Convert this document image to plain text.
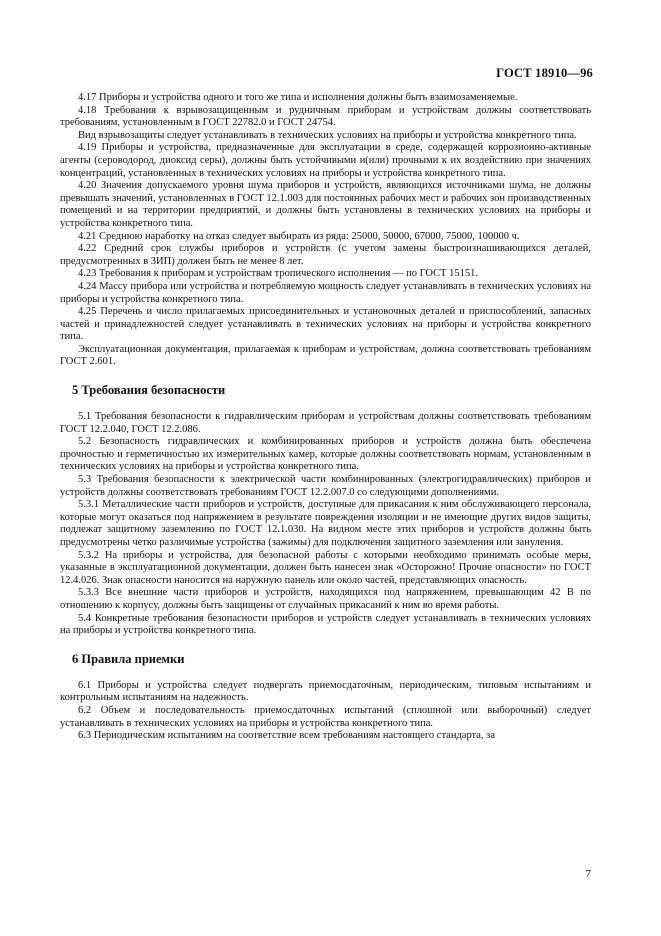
ГОСТ 18910—96

4.17 Приборы и устройства одного и того же типа и исполнения должны быть взаимозаменяемые.

4.18 Требования к взрывозащищенным и рудничным приборам и устройствам должны соответствовать требованиям, установленным в ГОСТ 22782.0 и ГОСТ 24754.

Вид взрывозащиты следует устанавливать в технических условиях на приборы и устройства конкретного типа.

4.19 Приборы и устройства, предназначенные для эксплуатации в среде, содержащей коррозионно-активные агенты (сероводород, диоксид серы), должны быть устойчивыми и(или) прочными к их воздействию при значениях концентраций, установленных в технических условиях на приборы и устройства конкретного типа.

4.20 Значения допускаемого уровня шума приборов и устройств, являющихся источниками шума, не должны превышать значений, установленных в ГОСТ 12.1.003 для постоянных рабочих мест и рабочих зон производственных помещений и на территории предприятий, и должны быть установлены в технических условиях на приборы и устройства конкретного типа.

4.21 Среднюю наработку на отказ следует выбирать из ряда: 25000, 50000, 67000, 75000, 100000 ч.

4.22 Средний срок службы приборов и устройств (с учетом замены быстроизнашивающихся деталей, предусмотренных в ЗИП) должен быть не менее 8 лет.

4.23 Требования к приборам и устройствам тропического исполнения — по ГОСТ 15151.

4.24 Массу прибора или устройства и потребляемую мощность следует устанавливать в технических условиях на приборы и устройства конкретного типа.

4.25 Перечень и число прилагаемых присоединительных и установочных деталей и приспособлений, запасных частей и принадлежностей следует устанавливать в технических условиях на приборы и устройства конкретного типа.

Эксплуатационная документация, прилагаемая к приборам и устройствам, должна соответствовать требованиям ГОСТ 2.601.

5 Требования безопасности

5.1 Требования безопасности к гидравлическим приборам и устройствам должны соответствовать требованиям ГОСТ 12.2.040, ГОСТ 12.2.086.

5.2 Безопасность гидравлических и комбинированных приборов и устройств должна быть обеспечена прочностью и герметичностью их измерительных камер, которые должны соответствовать нормам, установленным в технических условиях на приборы и устройства конкретного типа.

5.3 Требования безопасности к электрической части комбинированных (электрогидравлических) приборов и устройств должны соответствовать требованиям ГОСТ 12.2.007.0 со следующими дополнениями.

5.3.1 Металлические части приборов и устройств, доступные для прикасания к ним обслуживающего персонала, которые могут оказаться под напряжением в результате повреждения изоляции и не имеющие других видов защиты, подлежат защитному заземлению по ГОСТ 12.1.030. На видном месте этих приборов и устройств должны быть предусмотрены четко различимые устройства (зажимы) для подключения защитного заземления или зануления.

5.3.2 На приборы и устройства, для безопасной работы с которыми необходимо принимать особые меры, указанные в эксплуатационной документации, должен быть нанесен знак «Осторожно! Прочие опасности» по ГОСТ 12.4.026. Знак опасности наносится на наружную панель или около частей, представляющих опасность.

5.3.3 Все внешние части приборов и устройств, находящихся под напряжением, превышающим 42 В по отношению к корпусу, должны быть защищены от случайных прикасаний к ним во время работы.

5.4 Конкретные требования безопасности приборов и устройств следует устанавливать в технических условиях на приборы и устройства конкретного типа.

6 Правила приемки

6.1 Приборы и устройства следует подвергать приемосдаточным, периодическим, типовым испытаниям и контрольным испытаниям на надежность.

6.2 Объем и последовательность приемосдаточных испытаний (сплошной или выборочный) следует устанавливать в технических условиях на приборы и устройства конкретного типа.

6.3 Периодическим испытаниям на соответствие всем требованиям настоящего стандарта, за

7
